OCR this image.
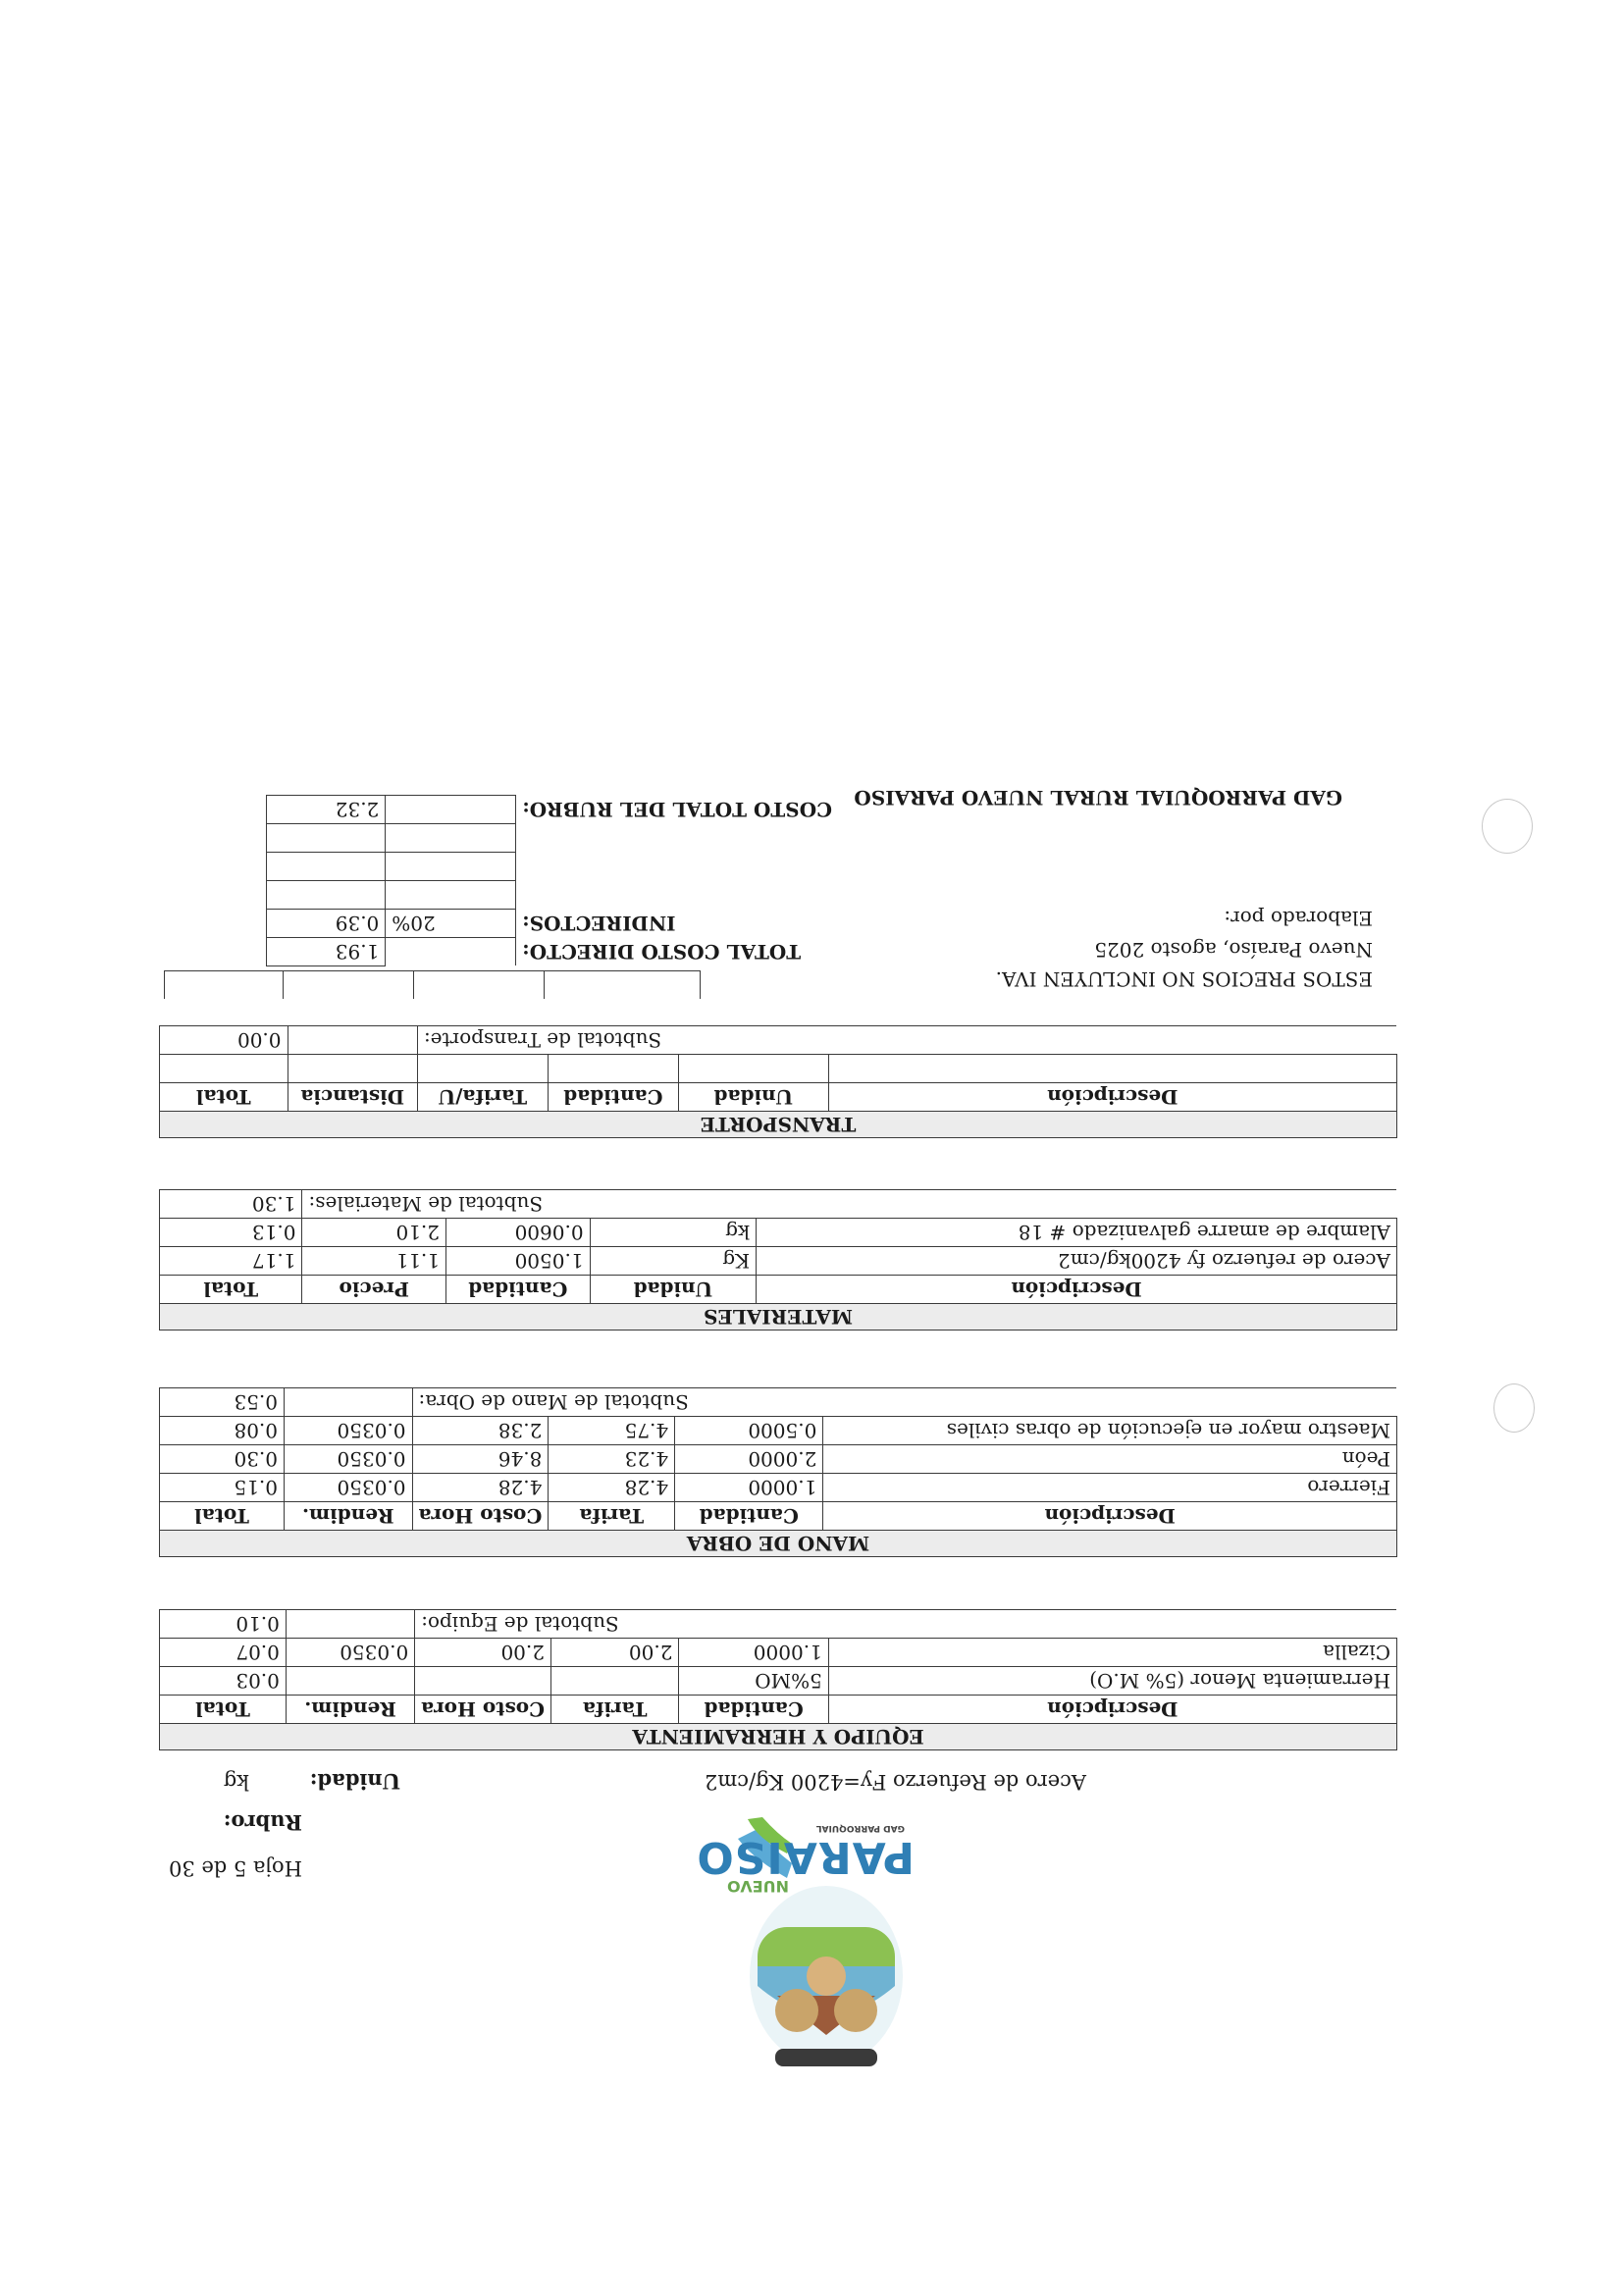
PARAISO
NUEVO
GAD PARROQUIAL
Hoja 5 de 30
Rubro:
Acero de Refuerzo Fy=4200 Kg/cm2
Unidad:
kg
EQUIPO Y HERRAMIENTA					
Descripción	Cantidad	Tarifa	Costo Hora	Rendim.	Total
Herramienta Menor (5% M.O)	5%MO				0.03
Cizalla	1.0000	2.00	2.00	0.0350	0.07
Subtotal de Equipo:					0.10
MANO DE OBRA					
Descripción	Cantidad	Tarifa	Costo Hora	Rendim.	Total
Fierrero	1.0000	4.28	4.28	0.0350	0.15
Peón	2.0000	4.23	8.46	0.0350	0.30
Maestro mayor en ejecución de obras civiles	0.5000	4.75	2.38	0.0350	0.08
Subtotal de Mano de Obra:					0.53
MATERIALES				
Descripción	Unidad	Cantidad	Precio	Total
Acero de refuerzo fy 4200kg/cm2	Kg	1.0500	1.11	1.17
Alambre de amarre galvanizado # 18	kg	0.0600	2.10	0.13
Subtotal de Materiales:				1.30
TRANSPORTE					
Descripción	Unidad	Cantidad	Tarifa/U	Distancia	Total

Subtotal de Transporte:					0.00
ESTOS PRECIOS NO INCLUYEN IVA.
Nuevo Paraíso, agosto 2025
Elaborado por:

TOTAL COSTO DIRECTO:		1.93
INDIRECTOS:	20%	0.39

COSTO TOTAL DEL RUBRO:		2.32	GAD PARROQUIAL RURAL NUEVO PARAISO
